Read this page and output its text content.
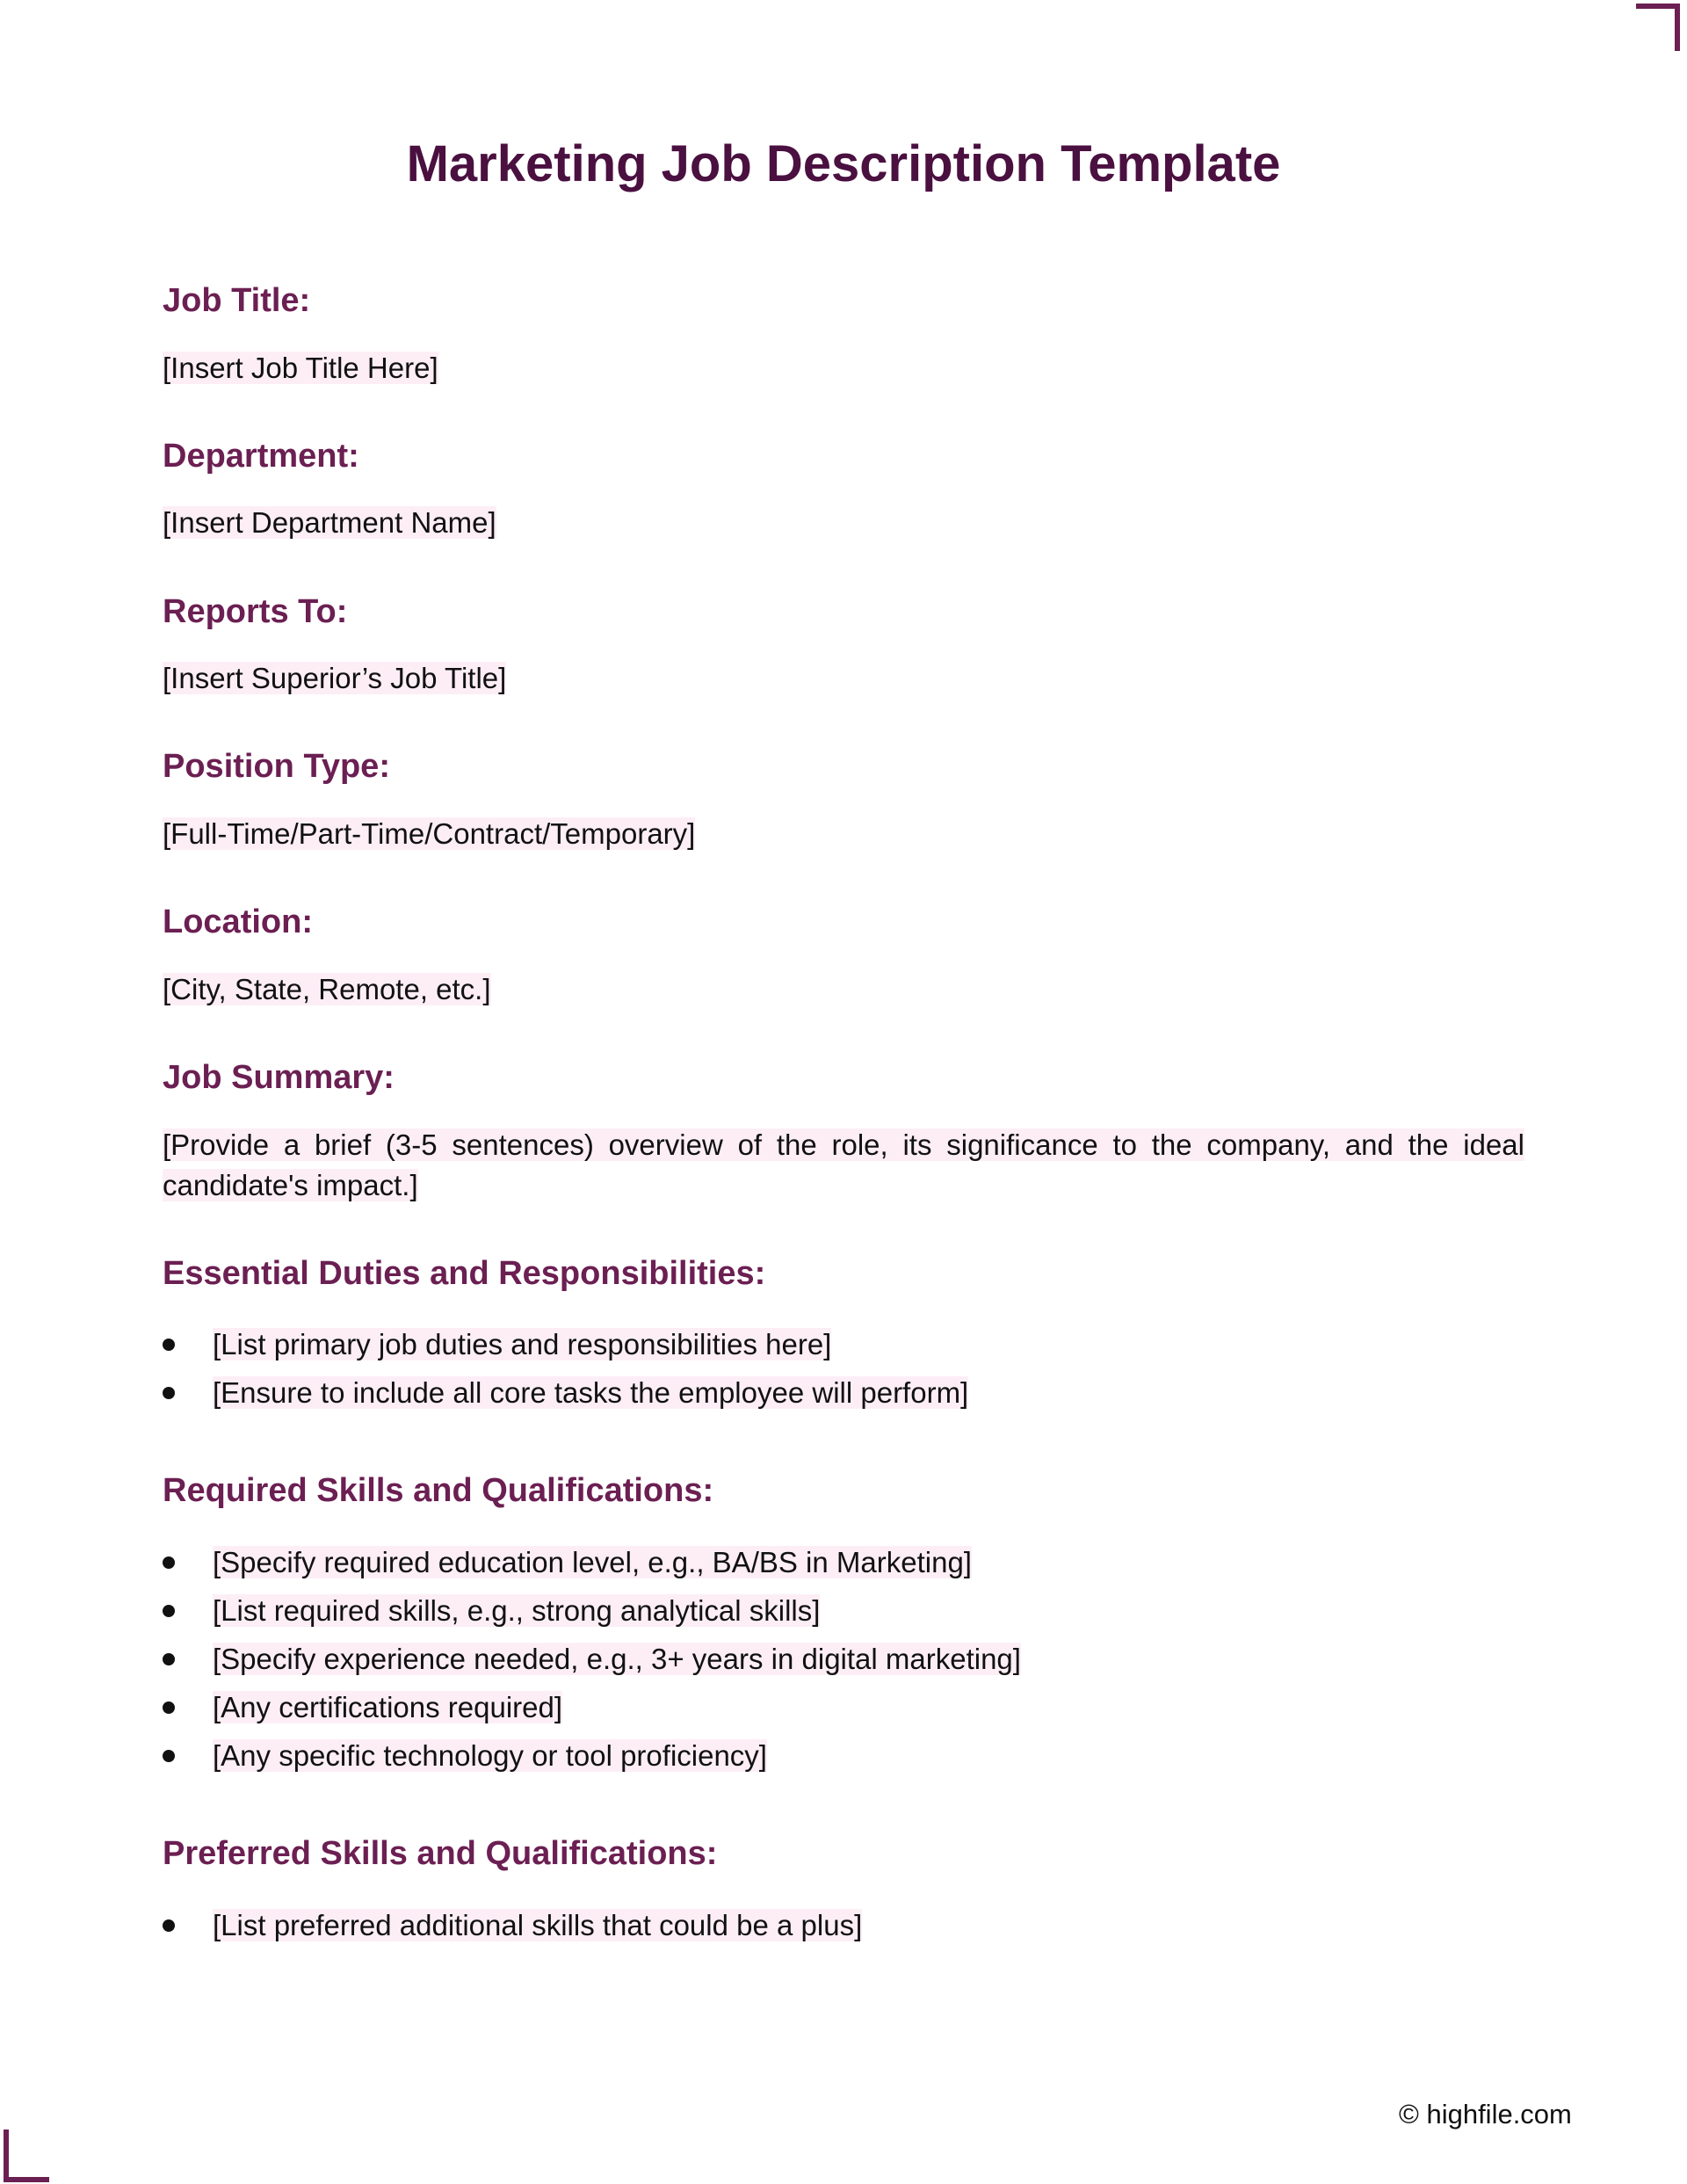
Marketing Job Description Template
Job Title:
[Insert Job Title Here]
Department:
[Insert Department Name]
Reports To:
[Insert Superior’s Job Title]
Position Type:
[Full-Time/Part-Time/Contract/Temporary]
Location:
[City, State, Remote, etc.]
Job Summary:
[Provide a brief (3-5 sentences) overview of the role, its significance to the company, and the ideal candidate's impact.]
Essential Duties and Responsibilities:
[List primary job duties and responsibilities here]
[Ensure to include all core tasks the employee will perform]
Required Skills and Qualifications:
[Specify required education level, e.g., BA/BS in Marketing]
[List required skills, e.g., strong analytical skills]
[Specify experience needed, e.g., 3+ years in digital marketing]
[Any certifications required]
[Any specific technology or tool proficiency]
Preferred Skills and Qualifications:
[List preferred additional skills that could be a plus]
© highfile.com
